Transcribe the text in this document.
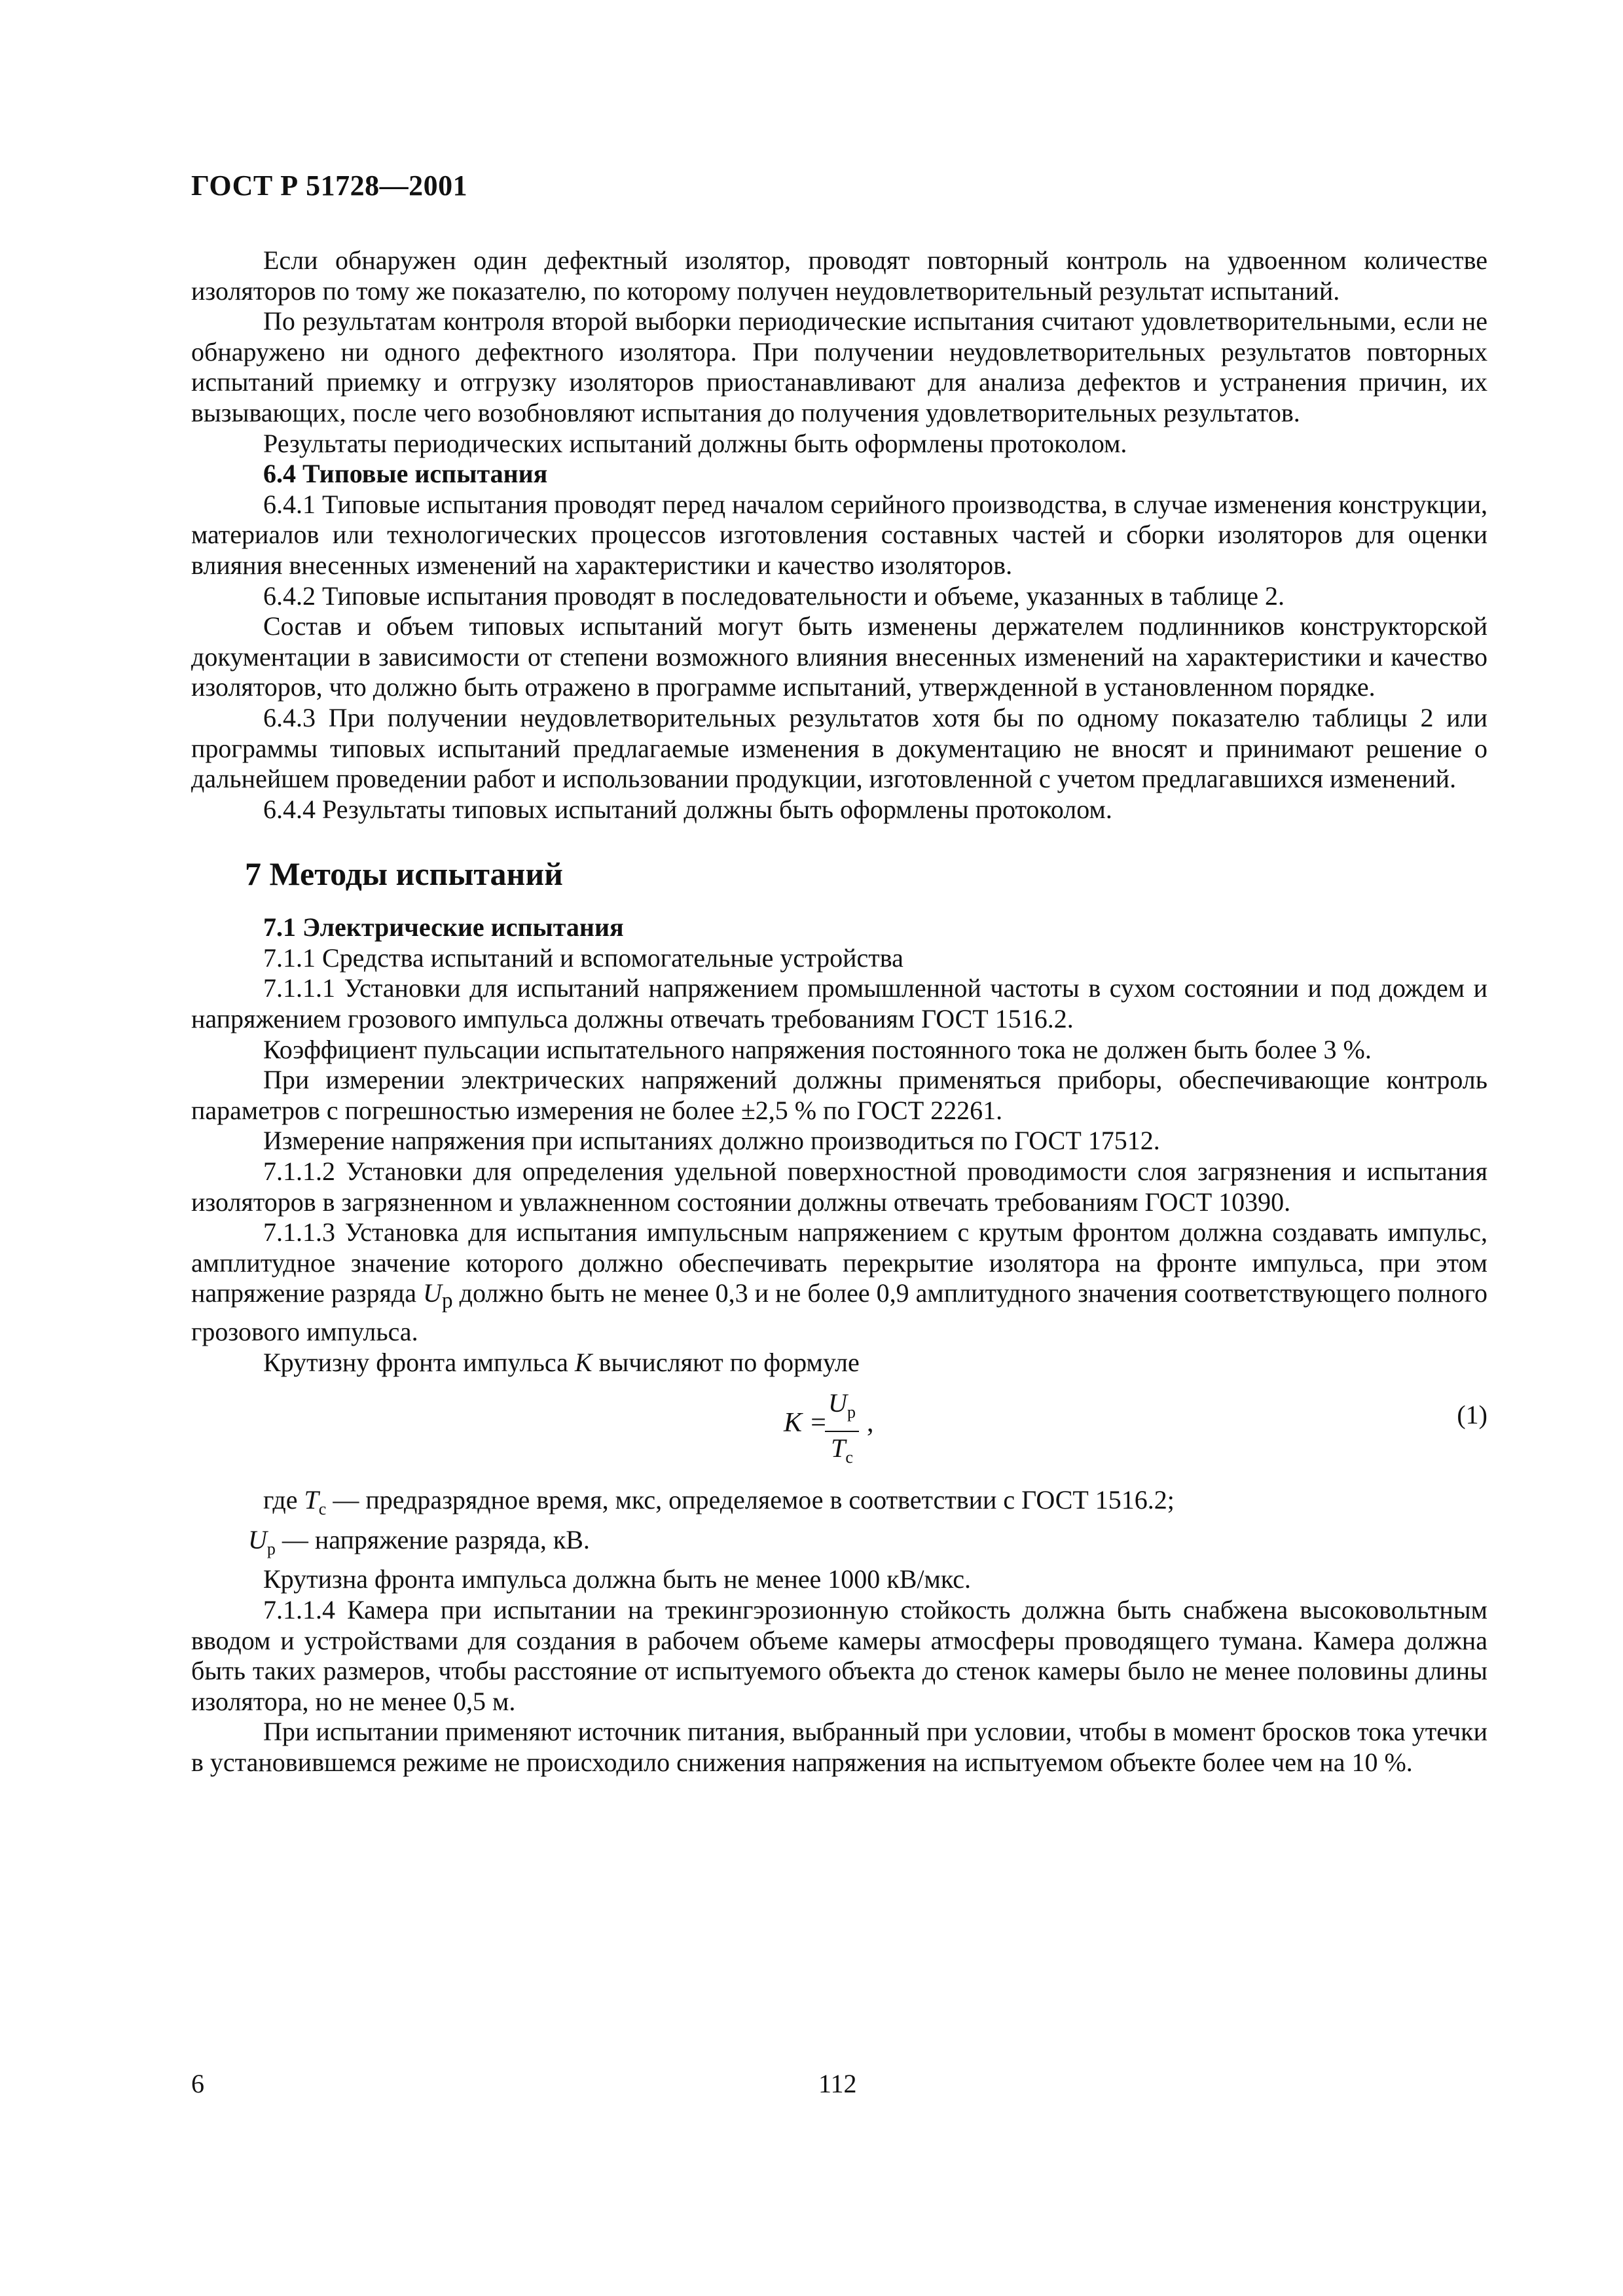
ГОСТ Р 51728—2001

Если обнаружен один дефектный изолятор, проводят повторный контроль на удвоенном количестве изоляторов по тому же показателю, по которому получен неудовлетворительный результат испытаний.

По результатам контроля второй выборки периодические испытания считают удовлетворительными, если не обнаружено ни одного дефектного изолятора. При получении неудовлетворительных результатов повторных испытаний приемку и отгрузку изоляторов приостанавливают для анализа дефектов и устранения причин, их вызывающих, после чего возобновляют испытания до получения удовлетворительных результатов.

Результаты периодических испытаний должны быть оформлены протоколом.

6.4 Типовые испытания

6.4.1 Типовые испытания проводят перед началом серийного производства, в случае изменения конструкции, материалов или технологических процессов изготовления составных частей и сборки изоляторов для оценки влияния внесенных изменений на характеристики и качество изоляторов.

6.4.2 Типовые испытания проводят в последовательности и объеме, указанных в таблице 2.

Состав и объем типовых испытаний могут быть изменены держателем подлинников конструкторской документации в зависимости от степени возможного влияния внесенных изменений на характеристики и качество изоляторов, что должно быть отражено в программе испытаний, утвержденной в установленном порядке.

6.4.3 При получении неудовлетворительных результатов хотя бы по одному показателю таблицы 2 или программы типовых испытаний предлагаемые изменения в документацию не вносят и принимают решение о дальнейшем проведении работ и использовании продукции, изготовленной с учетом предлагавшихся изменений.

6.4.4 Результаты типовых испытаний должны быть оформлены протоколом.

7 Методы испытаний

7.1 Электрические испытания

7.1.1 Средства испытаний и вспомогательные устройства

7.1.1.1 Установки для испытаний напряжением промышленной частоты в сухом состоянии и под дождем и напряжением грозового импульса должны отвечать требованиям ГОСТ 1516.2.

Коэффициент пульсации испытательного напряжения постоянного тока не должен быть более 3 %.

При измерении электрических напряжений должны применяться приборы, обеспечивающие контроль параметров с погрешностью измерения не более ±2,5 % по ГОСТ 22261.

Измерение напряжения при испытаниях должно производиться по ГОСТ 17512.

7.1.1.2 Установки для определения удельной поверхностной проводимости слоя загрязнения и испытания изоляторов в загрязненном и увлажненном состоянии должны отвечать требованиям ГОСТ 10390.

7.1.1.3 Установка для испытания импульсным напряжением с крутым фронтом должна создавать импульс, амплитудное значение которого должно обеспечивать перекрытие изолятора на фронте импульса, при этом напряжение разряда $U_р$ должно быть не менее 0,3 и не более 0,9 амплитудного значения соответствующего полного грозового импульса.

Крутизну фронта импульса K вычисляют по формуле

K =
$U_р$
$T_с$
,	(1)

где $T_с$ — предразрядное время, мкс, определяемое в соответствии с ГОСТ 1516.2;

$U_р$ — напряжение разряда, кВ.

Крутизна фронта импульса должна быть не менее 1000 кВ/мкс.

7.1.1.4 Камера при испытании на трекингэрозионную стойкость должна быть снабжена высоковольтным вводом и устройствами для создания в рабочем объеме камеры атмосферы проводящего тумана. Камера должна быть таких размеров, чтобы расстояние от испытуемого объекта до стенок камеры было не менее половины длины изолятора, но не менее 0,5 м.

При испытании применяют источник питания, выбранный при условии, чтобы в момент бросков тока утечки в установившемся режиме не происходило снижения напряжения на испытуемом объекте более чем на 10 %.

6	112
